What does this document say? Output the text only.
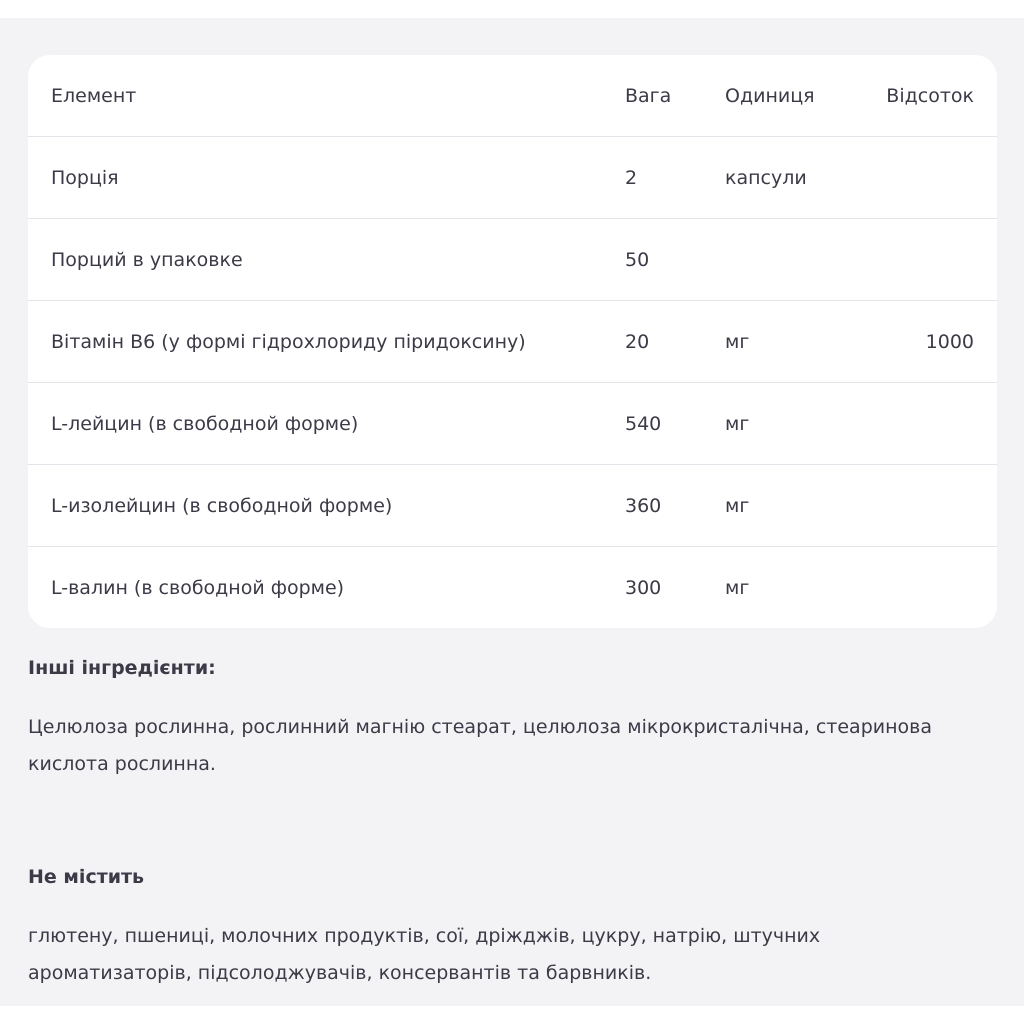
Елемент	Вага	Одиниця	Відсоток
Порція	2	капсули
Порций в упаковке	50
Вітамін B6 (у формі гідрохлориду піридоксину)	20	мг	1000
L-лейцин (в свободной форме)	540	мг
L-изолейцин (в свободной форме)	360	мг
L-валин (в свободной форме)	300	мг
Інші інгредієнти:
Целюлоза рослинна, рослинний магнію стеарат, целюлоза мікрокристалічна, стеаринова кислота рослинна.
Не містить
глютену, пшениці, молочних продуктів, сої, дріжджів, цукру, натрію, штучних ароматизаторів, підсолоджувачів, консервантів та барвників.
